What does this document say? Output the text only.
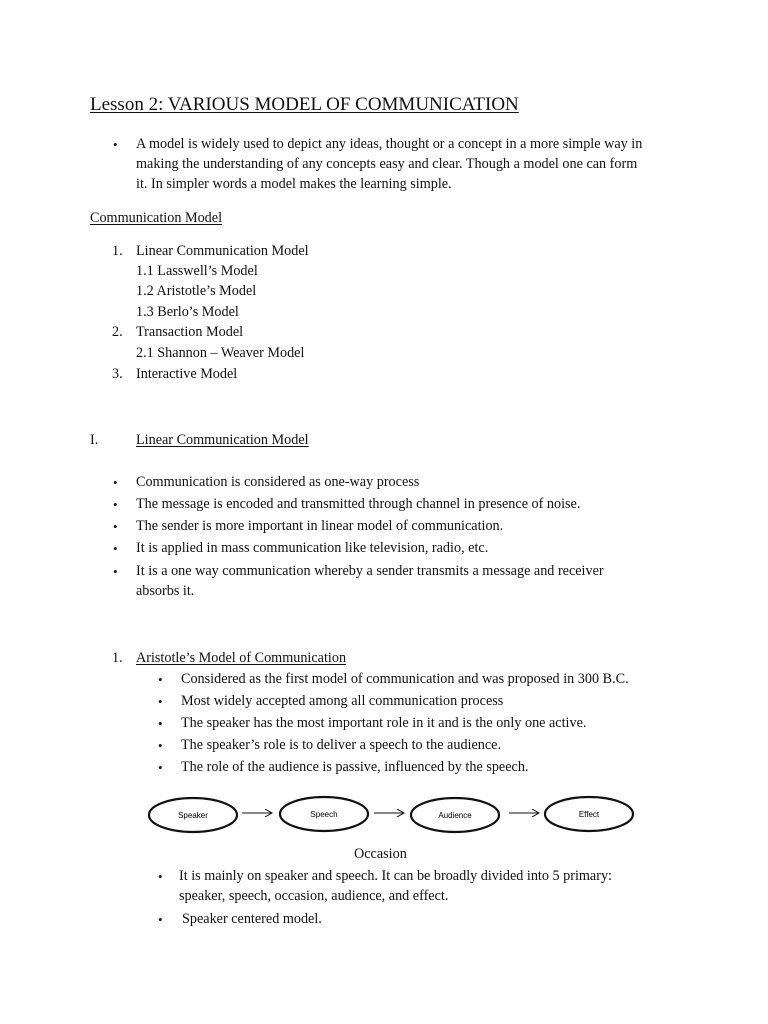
Lesson 2: VARIOUS MODEL OF COMMUNICATION
• A model is widely used to depict any ideas, thought or a concept in a more simple way in
making the understanding of any concepts easy and clear. Though a model one can form
it. In simpler words a model makes the learning simple.
Communication Model
1. Linear Communication Model
1.1 Lasswell’s Model
1.2 Aristotle’s Model
1.3 Berlo’s Model
2. Transaction Model
2.1 Shannon – Weaver Model
3. Interactive Model
I.	Linear Communication Model
• Communication is considered as one-way process
• The message is encoded and transmitted through channel in presence of noise.
• The sender is more important in linear model of communication.
• It is applied in mass communication like television, radio, etc.
• It is a one way communication whereby a sender transmits a message and receiver
absorbs it.
1. Aristotle’s Model of Communication
• Considered as the first model of communication and was proposed in 300 B.C.
• Most widely accepted among all communication process
• The speaker has the most important role in it and is the only one active.
• The speaker’s role is to deliver a speech to the audience.
• The role of the audience is passive, influenced by the speech.
Speaker	Speech	Audience	Effect
Occasion
• It is mainly on speaker and speech. It can be broadly divided into 5 primary:
speaker, speech, occasion, audience, and effect.
• Speaker centered model.
